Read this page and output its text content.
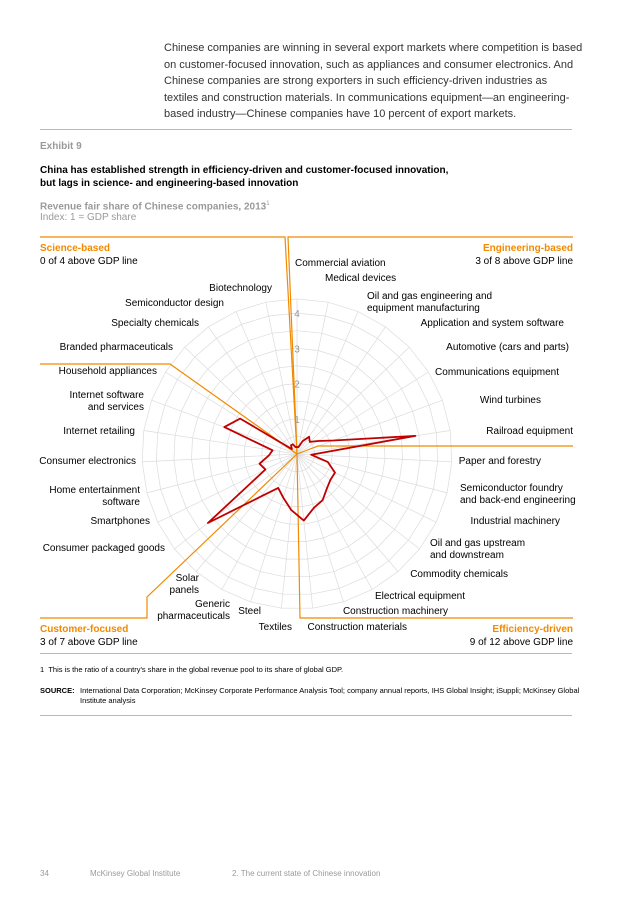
Chinese companies are winning in several export markets where competition is based on customer-focused innovation, such as appliances and consumer electronics. And Chinese companies are strong exporters in such efficiency-driven industries as textiles and construction materials. In communications equipment—an engineering-based industry—Chinese companies have 10 percent of export markets.

Exhibit 9

China has established strength in efficiency-driven and customer-focused innovation,
but lags in science- and engineering-based innovation

Revenue fair share of Chinese companies, 2013$^1$
Index: 1 = GDP share
1
2
3
4
Commercial aviation
Medical devices
Oil and gas engineering and equipment manufacturing
Application and system software
Automotive (cars and parts)
Communications equipment
Wind turbines
Railroad equipment
Paper and forestry
Semiconductor foundry and back-end engineering
Industrial machinery
Oil and gas upstream and downstream
Commodity chemicals
Electrical equipment
Construction machinery
Construction materials
Textiles
Steel
Generic pharmaceuticals
Solar panels
Consumer packaged goods
Smartphones
Home entertainment software
Consumer electronics
Internet retailing
Internet software and services
Household appliances
Branded pharmaceuticals
Specialty chemicals
Semiconductor design
Biotechnology
Science-based
0 of 4 above GDP line
Engineering-based
3 of 8 above GDP line
Customer-focused
3 of 7 above GDP line
Efficiency-driven
9 of 12 above GDP line
1 This is the ratio of a country's share in the global revenue pool to its share of global GDP.
SOURCE: International Data Corporation; McKinsey Corporate Performance Analysis Tool; company annual reports, IHS Global Insight; iSuppli; McKinsey Global Institute analysis
34	McKinsey Global Institute	2. The current state of Chinese innovation
